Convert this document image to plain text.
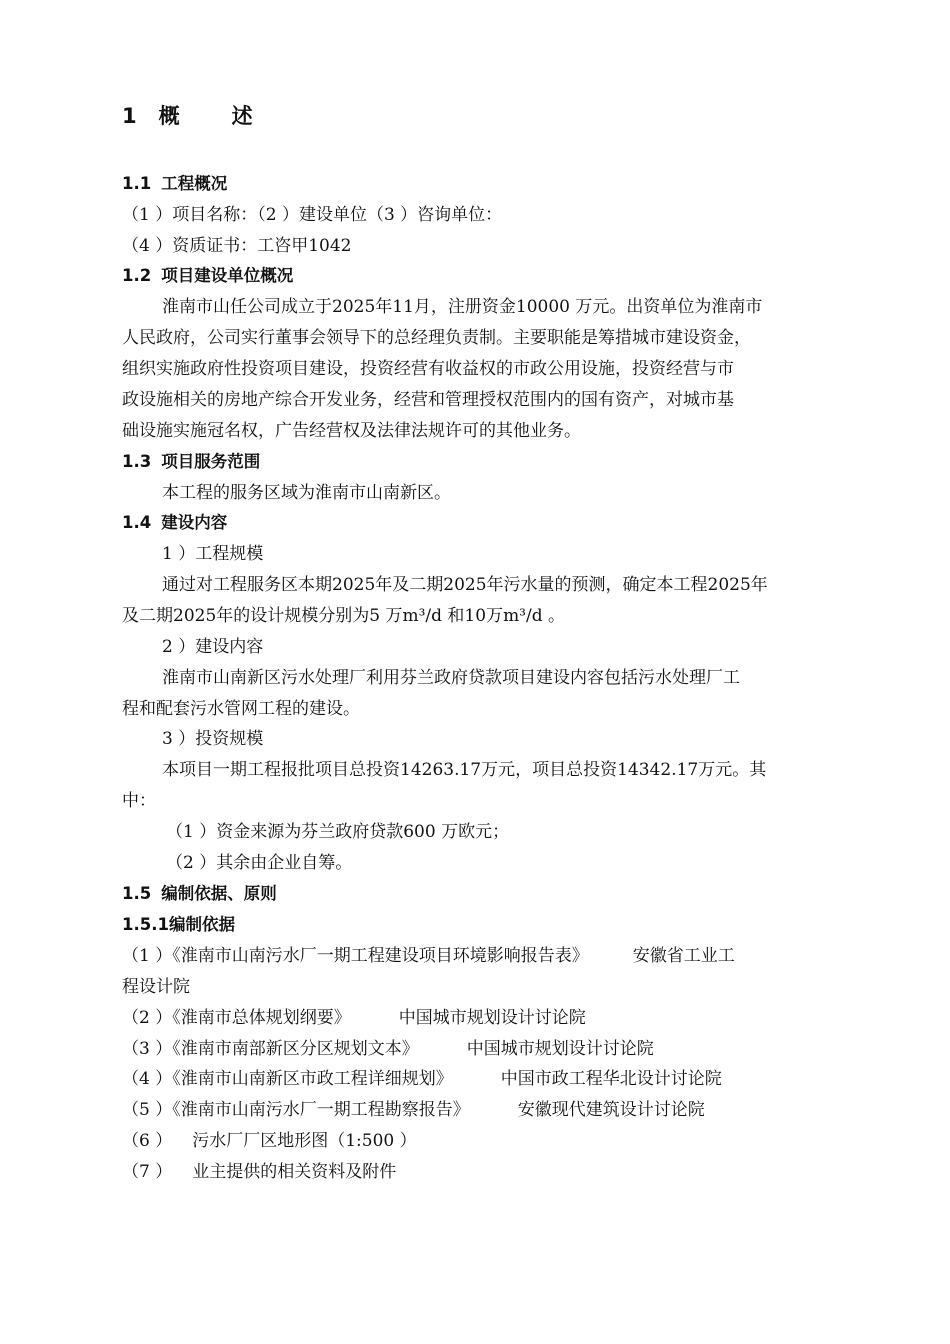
1 概 述
1.1 工程概况
（1 ）项目名称：（2 ）建设单位（3 ）咨询单位：
（4 ）资质证书：工咨甲1042
1.2 项目建设单位概况
淮南市山任公司成立于2025年11月，注册资金10000 万元。出资单位为淮南市
人民政府，公司实行董事会领导下的总经理负责制。主要职能是筹措城市建设资金，
组织实施政府性投资项目建设，投资经营有收益权的市政公用设施，投资经营与市
政设施相关的房地产综合开发业务，经营和管理授权范围内的国有资产，对城市基
础设施实施冠名权，广告经营权及法律法规许可的其他业务。
1.3 项目服务范围
本工程的服务区域为淮南市山南新区。
1.4 建设内容
1 ）工程规模
通过对工程服务区本期2025年及二期2025年污水量的预测，确定本工程2025年
及二期2025年的设计规模分别为5 万m³/d 和10万m³/d 。
2 ）建设内容
淮南市山南新区污水处理厂利用芬兰政府贷款项目建设内容包括污水处理厂工
程和配套污水管网工程的建设。
3 ）投资规模
本项目一期工程报批项目总投资14263.17万元，项目总投资14342.17万元。其
中：
（1 ）资金来源为芬兰政府贷款600 万欧元；
（2 ）其余由企业自筹。
1.5 编制依据、原则
1.5.1编制依据
（1 ）《淮南市山南污水厂一期工程建设项目环境影响报告表》	安徽省工业工
程设计院
（2 ）《淮南市总体规划纲要》	中国城市规划设计讨论院
（3 ）《淮南市南部新区分区规划文本》	中国城市规划设计讨论院
（4 ）《淮南市山南新区市政工程详细规划》	中国市政工程华北设计讨论院
（5 ）《淮南市山南污水厂一期工程勘察报告》	安徽现代建筑设计讨论院
（6 ） 污水厂厂区地形图（1:500 ）
（7 ） 业主提供的相关资料及附件
